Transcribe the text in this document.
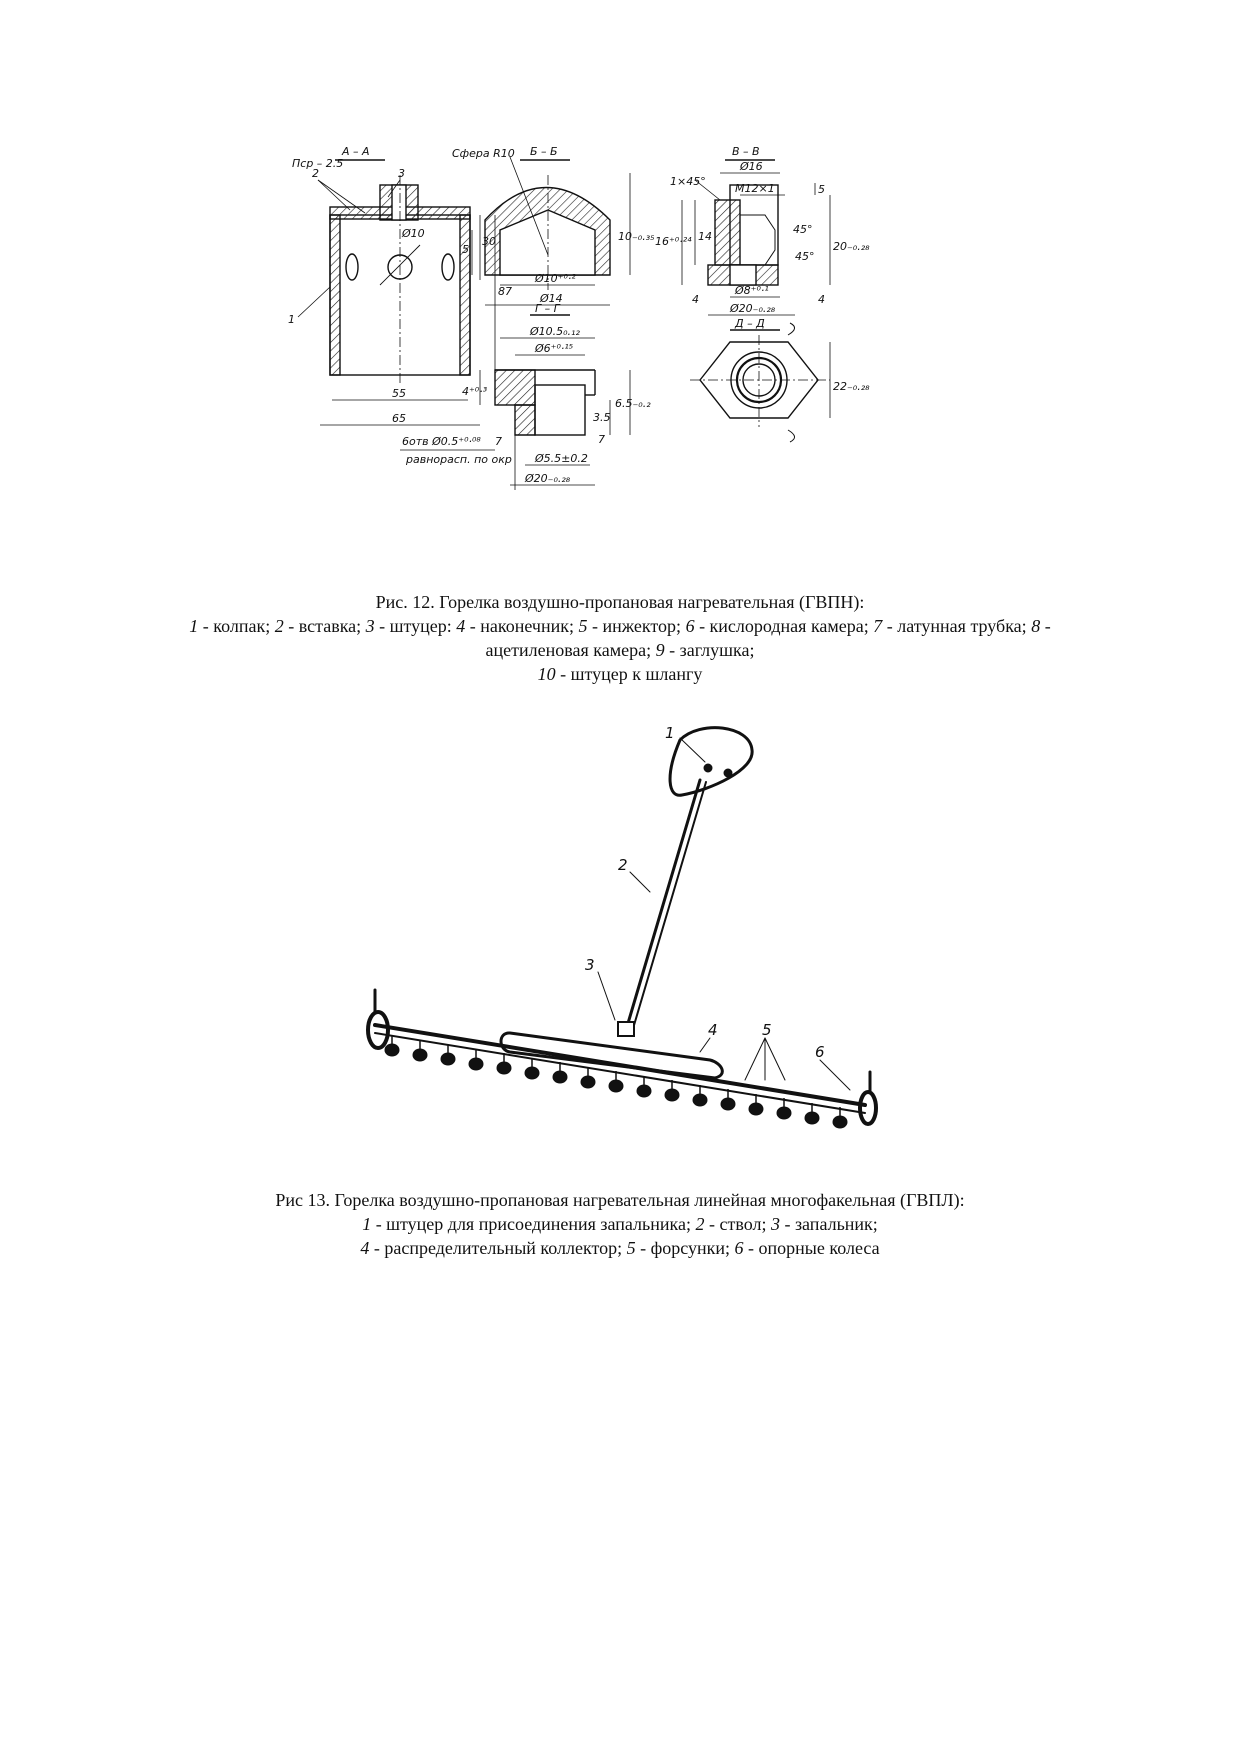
А – А	Б – Б	В – В
Г – Г
Д – Д
Пср – 2.5
Сфера R10
1×45°
М12×1
Ø16
Ø10
Ø10⁺⁰·²
Ø14
Ø8⁺⁰·¹
Ø20₋₀.₂₈
Ø10.5₀.₁₂
Ø6⁺⁰·¹⁵
Ø5.5±0.2
Ø20₋₀.₂₈
55
65
30
87
5
10₋₀.₃₅	14
16⁺⁰·²⁴	20₋₀.₂₈
5
4	4
45°
45°
4⁺⁰·³
6.5₋₀.₂
3.5
22₋₀.₂₈
6отв Ø0.5⁺⁰·⁰⁸
равнорасп. по окр
7	7
1
2	3
Рис. 12. Горелка воздушно-пропановая нагревательная (ГВПН):
1 - колпак; 2 - вставка; 3 - штуцер: 4 - наконечник; 5 - инжектор; 6 - кислородная камера; 7 - латунная трубка; 8 - ацетиленовая камера; 9 - заглушка;
10 - штуцер к шлангу
1
2
3
4	5
6
Рис 13. Горелка воздушно-пропановая нагревательная линейная многофакельная (ГВПЛ):
1 - штуцер для присоединения запальника; 2 - ствол; 3 - запальник;
4 - распределительный коллектор; 5 - форсунки; 6 - опорные колеса
